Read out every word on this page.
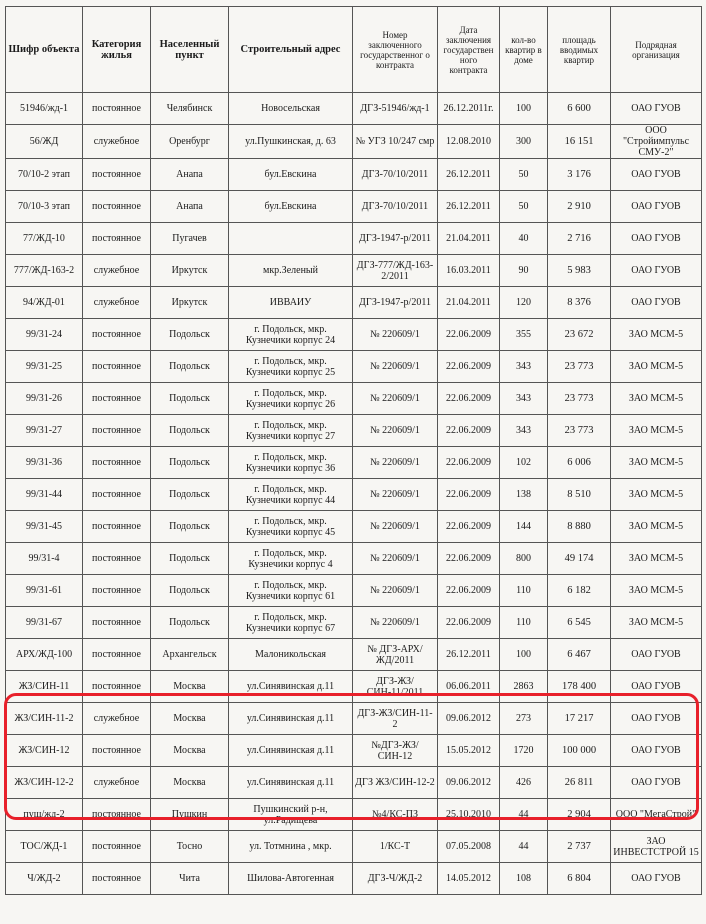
Шифр объекта	Категория жилья	Населенный пункт	Строительный адрес	Номер заключенного государственног о контракта	Дата заключения государствен ного контракта	кол-во квартир в доме	площадь вводимых квартир	Подрядная организация
51946/жд-1	постоянное	Челябинск	Новосельская	ДГЗ-51946/жд-1	26.12.2011г.	100	6 600	ОАО ГУОВ
56/ЖД	служебное	Оренбург	ул.Пушкинская, д. 63	№ УГЗ 10/247 смр	12.08.2010	300	16 151	ООО "Стройимпульс СМУ-2"
70/10-2 этап	постоянное	Анапа	бул.Евскина	ДГЗ-70/10/2011	26.12.2011	50	3 176	ОАО ГУОВ
70/10-3 этап	постоянное	Анапа	бул.Евскина	ДГЗ-70/10/2011	26.12.2011	50	2 910	ОАО ГУОВ
77/ЖД-10	постоянное	Пугачев		ДГЗ-1947-р/2011	21.04.2011	40	2 716	ОАО ГУОВ
777/ЖД-163-2	служебное	Иркутск	мкр.Зеленый	ДГЗ-777/ЖД-163-2/2011	16.03.2011	90	5 983	ОАО ГУОВ
94/ЖД-01	служебное	Иркутск	ИВВАИУ	ДГЗ-1947-р/2011	21.04.2011	120	8 376	ОАО ГУОВ
99/31-24	постоянное	Подольск	г. Подольск, мкр. Кузнечики корпус 24	№ 220609/1	22.06.2009	355	23 672	ЗАО МСМ-5
99/31-25	постоянное	Подольск	г. Подольск, мкр. Кузнечики корпус 25	№ 220609/1	22.06.2009	343	23 773	ЗАО МСМ-5
99/31-26	постоянное	Подольск	г. Подольск, мкр. Кузнечики корпус 26	№ 220609/1	22.06.2009	343	23 773	ЗАО МСМ-5
99/31-27	постоянное	Подольск	г. Подольск, мкр. Кузнечики корпус 27	№ 220609/1	22.06.2009	343	23 773	ЗАО МСМ-5
99/31-36	постоянное	Подольск	г. Подольск, мкр. Кузнечики корпус 36	№ 220609/1	22.06.2009	102	6 006	ЗАО МСМ-5
99/31-44	постоянное	Подольск	г. Подольск, мкр. Кузнечики корпус 44	№ 220609/1	22.06.2009	138	8 510	ЗАО МСМ-5
99/31-45	постоянное	Подольск	г. Подольск, мкр. Кузнечики корпус 45	№ 220609/1	22.06.2009	144	8 880	ЗАО МСМ-5
99/31-4	постоянное	Подольск	г. Подольск, мкр. Кузнечики корпус 4	№ 220609/1	22.06.2009	800	49 174	ЗАО МСМ-5
99/31-61	постоянное	Подольск	г. Подольск, мкр. Кузнечики корпус 61	№ 220609/1	22.06.2009	110	6 182	ЗАО МСМ-5
99/31-67	постоянное	Подольск	г. Подольск, мкр. Кузнечики корпус 67	№ 220609/1	22.06.2009	110	6 545	ЗАО МСМ-5
АРХ/ЖД-100	постоянное	Архангельск	Малоникольская	№ ДГЗ-АРХ/ЖД/2011	26.12.2011	100	6 467	ОАО ГУОВ
ЖЗ/СИН-11	постоянное	Москва	ул.Синявинская д.11	ДГЗ-ЖЗ/СИН-11/2011	06.06.2011	2863	178 400	ОАО ГУОВ
ЖЗ/СИН-11-2	служебное	Москва	ул.Синявинская д.11	ДГЗ-ЖЗ/СИН-11-2	09.06.2012	273	17 217	ОАО ГУОВ
ЖЗ/СИН-12	постоянное	Москва	ул.Синявинская д.11	№ДГЗ-ЖЗ/СИН-12	15.05.2012	1720	100 000	ОАО ГУОВ
ЖЗ/СИН-12-2	служебное	Москва	ул.Синявинская д.11	ДГЗ ЖЗ/СИН-12-2	09.06.2012	426	26 811	ОАО ГУОВ
пуш/жд-2	постоянное	Пушкин	Пушкинский р-н, ул.Радищева	№4/КС-ПЗ	25.10.2010	44	2 904	ООО "МегаСтрой"
ТОС/ЖД-1	постоянное	Тосно	ул. Тотмнина , мкр.	1/КС-Т	07.05.2008	44	2 737	ЗАО ИНВЕСТСТРОЙ 15
Ч/ЖД-2	постоянное	Чита	Шилова-Автогенная	ДГЗ-Ч/ЖД-2	14.05.2012	108	6 804	ОАО ГУОВ
